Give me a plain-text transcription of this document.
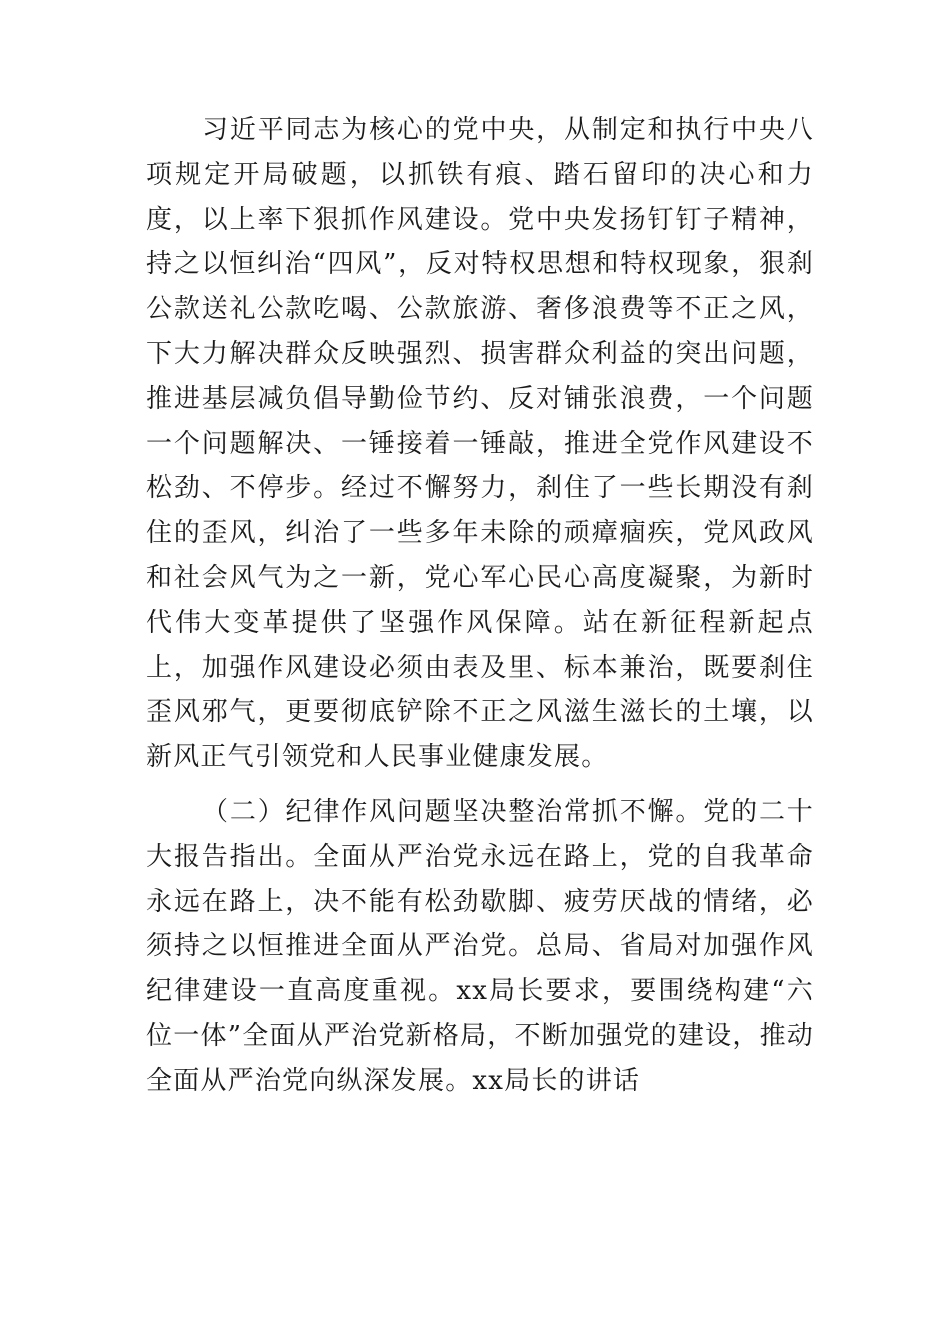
习近平同志为核心的党中央，从制定和执行中央八项规定开局破题，以抓铁有痕、踏石留印的决心和力度，以上率下狠抓作风建设。党中央发扬钉钉子精神，持之以恒纠治“四风”，反对特权思想和特权现象，狠刹公款送礼公款吃喝、公款旅游、奢侈浪费等不正之风，下大力解决群众反映强烈、损害群众利益的突出问题，推进基层减负倡导勤俭节约、反对铺张浪费，一个问题一个问题解决、一锤接着一锤敲，推进全党作风建设不松劲、不停步。经过不懈努力，刹住了一些长期没有刹住的歪风，纠治了一些多年未除的顽瘴痼疾，党风政风和社会风气为之一新，党心军心民心高度凝聚，为新时代伟大变革提供了坚强作风保障。站在新征程新起点上，加强作风建设必须由表及里、标本兼治，既要刹住歪风邪气，更要彻底铲除不正之风滋生滋长的土壤，以新风正气引领党和人民事业健康发展。

（二）纪律作风问题坚决整治常抓不懈。党的二十大报告指出。全面从严治党永远在路上，党的自我革命永远在路上，决不能有松劲歇脚、疲劳厌战的情绪，必须持之以恒推进全面从严治党。总局、省局对加强作风纪律建设一直高度重视。xx局长要求，要围绕构建“六位一体”全面从严治党新格局，不断加强党的建设，推动全面从严治党向纵深发展。xx局长的讲话
